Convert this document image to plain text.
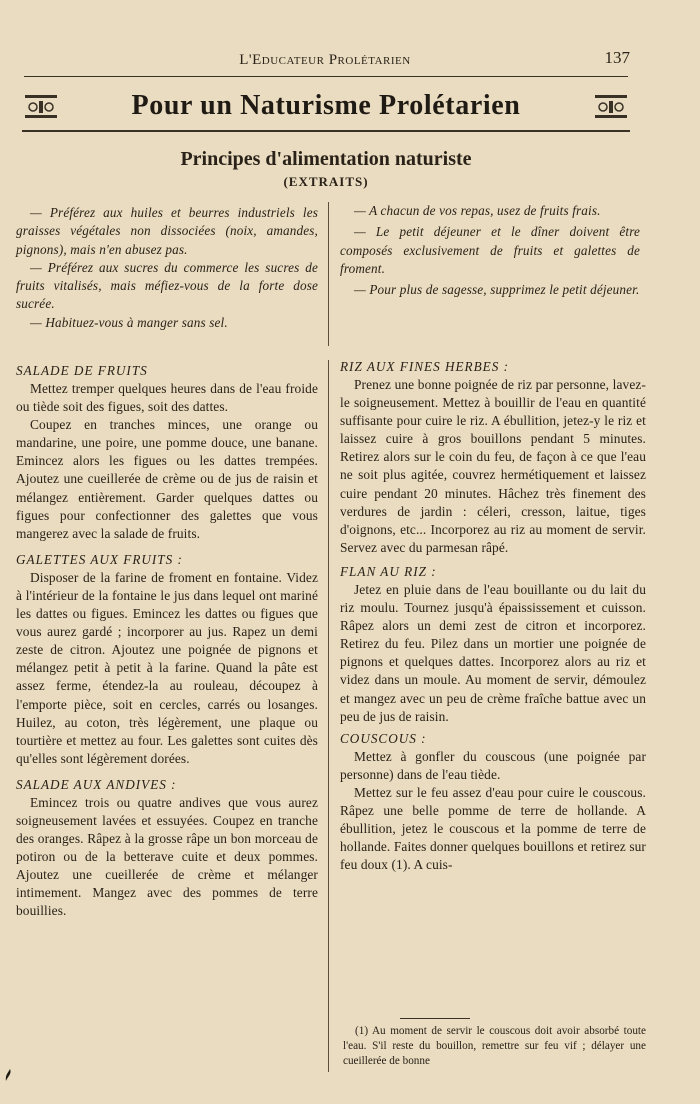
L'Educateur Prolétarien	137
Pour un Naturisme Prolétarien
Principes d'alimentation naturiste
(EXTRAITS)

— Préférez aux huiles et beurres industriels les graisses végétales non dissociées (noix, amandes, pignons), mais n'en abusez pas.

— Préférez aux sucres du commerce les sucres de fruits vitalisés, mais méfiez-vous de la forte dose sucrée.

— Habituez-vous à manger sans sel.

— A chacun de vos repas, usez de fruits frais.

— Le petit déjeuner et le dîner doivent être composés exclusivement de fruits et galettes de froment.

— Pour plus de sagesse, supprimez le petit déjeuner.

SALADE DE FRUITS

Mettez tremper quelques heures dans de l'eau froide ou tiède soit des figues, soit des dattes.

Coupez en tranches minces, une orange ou mandarine, une poire, une pomme douce, une banane. Emincez alors les figues ou les dattes trempées. Ajoutez une cueillerée de crème ou de jus de raisin et mélangez entièrement. Garder quelques dattes ou figues pour confectionner des galettes que vous mangerez avec la salade de fruits.

GALETTES AUX FRUITS :

Disposer de la farine de froment en fontaine. Videz à l'intérieur de la fontaine le jus dans lequel ont mariné les dattes ou figues. Emincez les dattes ou figues que vous aurez gardé ; incorporer au jus. Rapez un demi zeste de citron. Ajoutez une poignée de pignons et mélangez petit à petit à la farine. Quand la pâte est assez ferme, étendez-la au rouleau, découpez à l'emporte pièce, soit en cercles, carrés ou losanges. Huilez, au coton, très légèrement, une plaque ou tourtière et mettez au four. Les galettes sont cuites dès qu'elles sont légèrement dorées.

SALADE AUX ANDIVES :

Emincez trois ou quatre andives que vous aurez soigneusement lavées et essuyées. Coupez en tranche des oranges. Râpez à la grosse râpe un bon morceau de potiron ou de la betterave cuite et deux pommes. Ajoutez une cueillerée de crème et mélanger intimement. Mangez avec des pommes de terre bouillies.

RIZ AUX FINES HERBES :

Prenez une bonne poignée de riz par personne, lavez-le soigneusement. Mettez à bouillir de l'eau en quantité suffisante pour cuire le riz. A ébullition, jetez-y le riz et laissez cuire à gros bouillons pendant 5 minutes. Retirez alors sur le coin du feu, de façon à ce que l'eau ne soit plus agitée, couvrez hermétiquement et laissez cuire pendant 20 minutes. Hâchez très finement des verdures de jardin : céleri, cresson, laitue, tiges d'oignons, etc... Incorporez au riz au moment de servir. Servez avec du parmesan râpé.

FLAN AU RIZ :

Jetez en pluie dans de l'eau bouillante ou du lait du riz moulu. Tournez jusqu'à épaississement et cuisson. Râpez alors un demi zest de citron et incorporez. Retirez du feu. Pilez dans un mortier une poignée de pignons et quelques dattes. Incorporez alors au riz et videz dans un moule. Au moment de servir, démoulez et mangez avec un peu de crème fraîche battue avec un peu de jus de raisin.

COUSCOUS :

Mettez à gonfler du couscous (une poignée par personne) dans de l'eau tiède.

Mettez sur le feu assez d'eau pour cuire le couscous. Râpez une belle pomme de terre de hollande. A ébullition, jetez le couscous et la pomme de terre de hollande. Faites donner quelques bouillons et retirez sur feu doux (1). A cuis-

(1) Au moment de servir le couscous doit avoir absorbé toute l'eau. S'il reste du bouillon, remettre sur feu vif ; délayer une cueillerée de bonne
